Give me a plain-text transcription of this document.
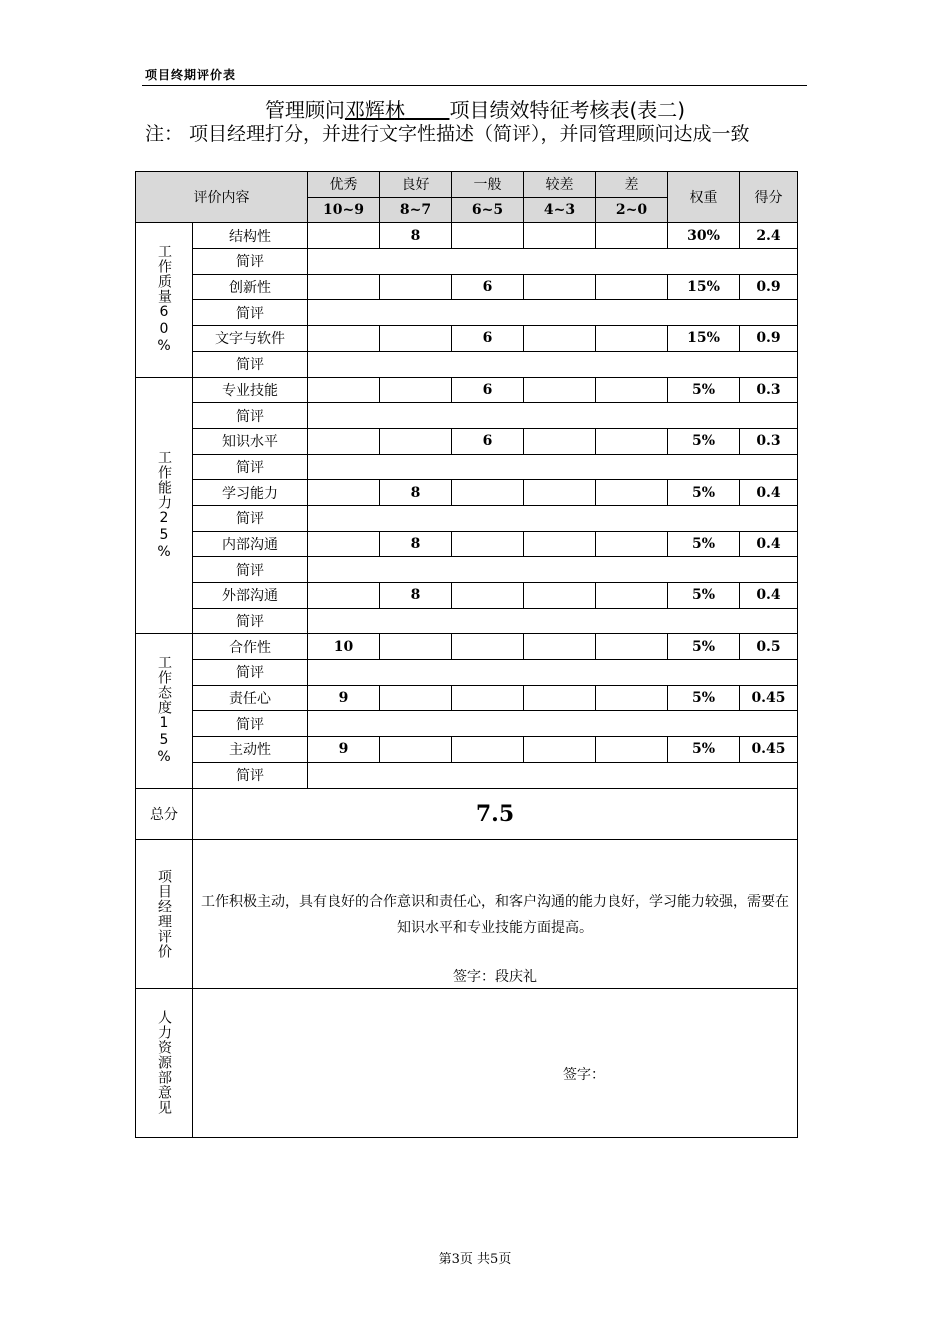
项目终期评价表
管理顾问邓辉林 项目绩效特征考核表(表二)
注： 项目经理打分，并进行文字性描述（简评），并同管理顾问达成一致
评价内容		优秀	良好	一般	较差	差	权重	得分
		10~9	8~7	6~5	4~3	2~0		

工作质量60%	结构性		8				30%	2.4
	简评							
	创新性			6			15%	0.9
	简评							
	文字与软件			6			15%	0.9
	简评							

工作能力25%	专业技能			6			5%	0.3
	简评							
	知识水平			6			5%	0.3
	简评							
	学习能力		8				5%	0.4
	简评							
	内部沟通		8				5%	0.4
	简评							
	外部沟通		8				5%	0.4
	简评							

工作态度15%	合作性	10					5%	0.5
	简评							
	责任心	9					5%	0.45
	简评							
	主动性	9					5%	0.45
	简评							
总分	7.5							

项目经理评价	工作积极主动，具有良好的合作意识和责任心，和客户沟通的能力良好，学习能力较强，需要在知识水平和专业技能方面提高。
签字：段庆礼							

人力资源部意见	签字：							
第3页 共5页
